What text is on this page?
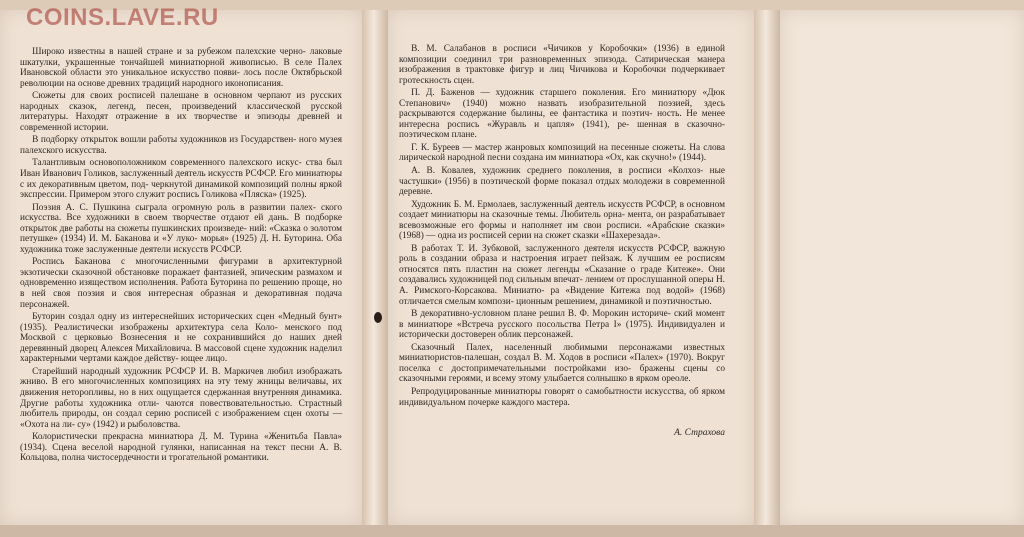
COINS.LAVE.RU

Широко известны в нашей стране и за рубежом палехские черно- лаковые шкатулки, украшенные тончайшей миниатюрной живописью. В селе Палех Ивановской области это уникальное искусство появи- лось после Октябрьской революции на основе древних традиций народного иконописания.

Сюжеты для своих росписей палешане в основном черпают из русских народных сказок, легенд, песен, произведений классической русской литературы. Находят отражение в их творчестве и эпизоды древней и современной истории.

В подборку открыток вошли работы художников из Государствен- ного музея палехского искусства.

Талантливым основоположником современного палехского искус- ства был Иван Иванович Голиков, заслуженный деятель искусств РСФСР. Его миниатюры с их декоративным цветом, под- черкнутой динамикой композиций полны яркой экспрессии. Примером этого служит роспись Голикова «Пляска» (1925).

Поэзия А. С. Пушкина сыграла огромную роль в развитии палех- ского искусства. Все художники в своем творчестве отдают ей дань. В подборке открыток две работы на сюжеты пушкинских произведе- ний: «Сказка о золотом петушке» (1934) И. М. Баканова и «У луко- морья» (1925) Д. Н. Буторина. Оба художника тоже заслуженные деятели искусств РСФСР.

Роспись Баканова с многочисленными фигурами в архитектурной экзотически сказочной обстановке поражает фантазией, эпическим размахом и одновременно изяществом исполнения. Работа Буторина по решению проще, но в ней своя поэзия и своя интересная образная и декоративная подача персонажей.

Буторин создал одну из интереснейших исторических сцен «Медный бунт» (1935). Реалистически изображены архитектура села Коло- менского под Москвой с церковью Вознесения и не сохранившийся до наших дней деревянный дворец Алексея Михайловича. В массовой сцене художник наделил характерными чертами каждое действу- ющее лицо.

Старейший народный художник РСФСР И. В. Маркичев любил изображать жниво. В его многочисленных композициях на эту тему жницы величавы, их движения неторопливы, но в них ощущается сдержанная внутренняя динамика. Другие работы художника отли- чаются повествовательностью. Страстный любитель природы, он создал серию росписей с изображением сцен охоты — «Охота на ли- су» (1942) и рыболовства.

Колористически прекрасна миниатюра Д. М. Турина «Женитьба Павла» (1934). Сцена веселой народной гулянки, написанная на текст песни А. В. Кольцова, полна чистосердечности и трогательной романтики.

В. М. Салабанов в росписи «Чичиков у Коробочки» (1936) в единой композиции соединил три разновременных эпизода. Сатирическая манера изображения в трактовке фигур и лиц Чичикова и Коробочки подчеркивает гротескность сцен.

П. Д. Баженов — художник старшего поколения. Его миниатюру «Дюк Степанович» (1940) можно назвать изобразительной поэзией, здесь раскрываются содержание былины, ее фантастика и поэтич- ность. Не менее интересна роспись «Журавль и цапля» (1941), ре- шенная в сказочно-поэтическом плане.

Г. К. Буреев — мастер жанровых композиций на песенные сюжеты. На слова лирической народной песни создана им миниатюра «Ох, как скучно!» (1944).

А. В. Ковалев, художник среднего поколения, в росписи «Колхоз- ные частушки» (1956) в поэтической форме показал отдых молодежи в современной деревне.

Художник Б. М. Ермолаев, заслуженный деятель искусств РСФСР, в основном создает миниатюры на сказочные темы. Любитель орна- мента, он разрабатывает всевозможные его формы и наполняет им свои росписи. «Арабские сказки» (1968) — одна из росписей серии на сюжет сказки «Шахерезада».

В работах Т. И. Зубковой, заслуженного деятеля искусств РСФСР, важную роль в создании образа и настроения играет пейзаж. К лучшим ее росписям относятся пять пластин на сюжет легенды «Сказание о граде Китеже». Они создавались художницей под сильным впечат- лением от прослушанной оперы Н. А. Римского-Корсакова. Миниатю- ра «Видение Китежа под водой» (1968) отличается смелым компози- ционным решением, динамикой и поэтичностью.

В декоративно-условном плане решил В. Ф. Морокин историче- ский момент в миниатюре «Встреча русского посольства Петра I» (1975). Индивидуален и исторически достоверен облик персонажей.

Сказочный Палех, населенный любимыми персонажами известных миниатюристов-палешан, создал В. М. Ходов в росписи «Палех» (1970). Вокруг поселка с достопримечательными постройками изо- бражены сцены со сказочными героями, и всему этому улыбается солнышко в ярком ореоле.

Репродуцированные миниатюры говорят о самобытности искусства, об ярком индивидуальном почерке каждого мастера.

А. Страхова
